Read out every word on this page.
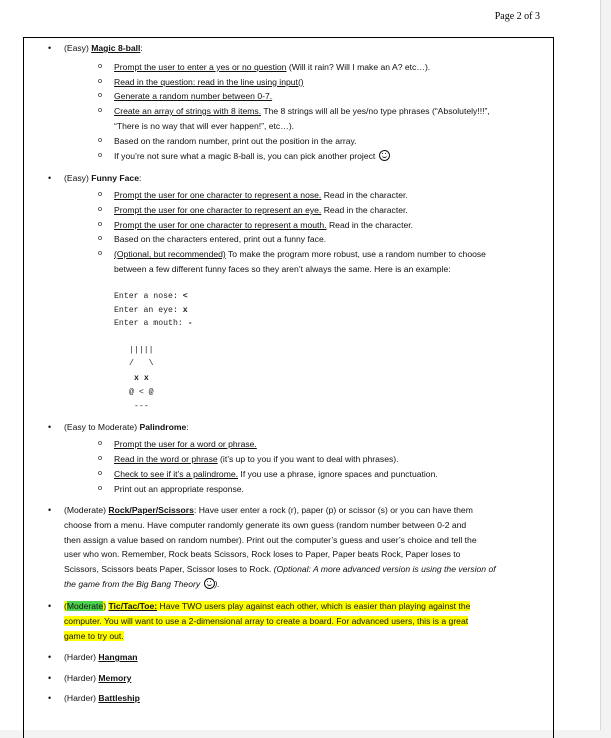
Page 2 of 3
• (Easy) Magic 8-ball:
o Prompt the user to enter a yes or no question (Will it rain? Will I make an A? etc…).
o Read in the question: read in the line using input()
o Generate a random number between 0-7.
o Create an array of strings with 8 items. The 8 strings will all be yes/no type phrases (“Absolutely!!!”,
“There is no way that will ever happen!”, etc…).
o Based on the random number, print out the position in the array.
o If you’re not sure what a magic 8-ball is, you can pick another project
• (Easy) Funny Face:
o Prompt the user for one character to represent a nose. Read in the character.
o Prompt the user for one character to represent an eye. Read in the character.
o Prompt the user for one character to represent a mouth. Read in the character.
o Based on the characters entered, print out a funny face.
o (Optional, but recommended) To make the program more robust, use a random number to choose
between a few different funny faces so they aren’t always the same. Here is an example:
Enter a nose: <
Enter an eye: x
Enter a mouth: -
|||||
/   \
x x
@ < @
---
• (Easy to Moderate) Palindrome:
o Prompt the user for a word or phrase.
o Read in the word or phrase (it’s up to you if you want to deal with phrases).
o Check to see if it’s a palindrome. If you use a phrase, ignore spaces and punctuation.
o Print out an appropriate response.
• (Moderate) Rock/Paper/Scissors: Have user enter a rock (r), paper (p) or scissor (s) or you can have them
choose from a menu. Have computer randomly generate its own guess (random number between 0-2 and
then assign a value based on random number). Print out the computer’s guess and user’s choice and tell the
user who won. Remember, Rock beats Scissors, Rock loses to Paper, Paper beats Rock, Paper loses to
Scissors, Scissors beats Paper, Scissor loses to Rock. (Optional: A more advanced version is using the version of
the game from the Big Bang Theory ).
• (Moderate) Tic/Tac/Toe: Have TWO users play against each other, which is easier than playing against the
computer. You will want to use a 2-dimensional array to create a board. For advanced users, this is a great
game to try out.
• (Harder) Hangman
• (Harder) Memory
• (Harder) Battleship
